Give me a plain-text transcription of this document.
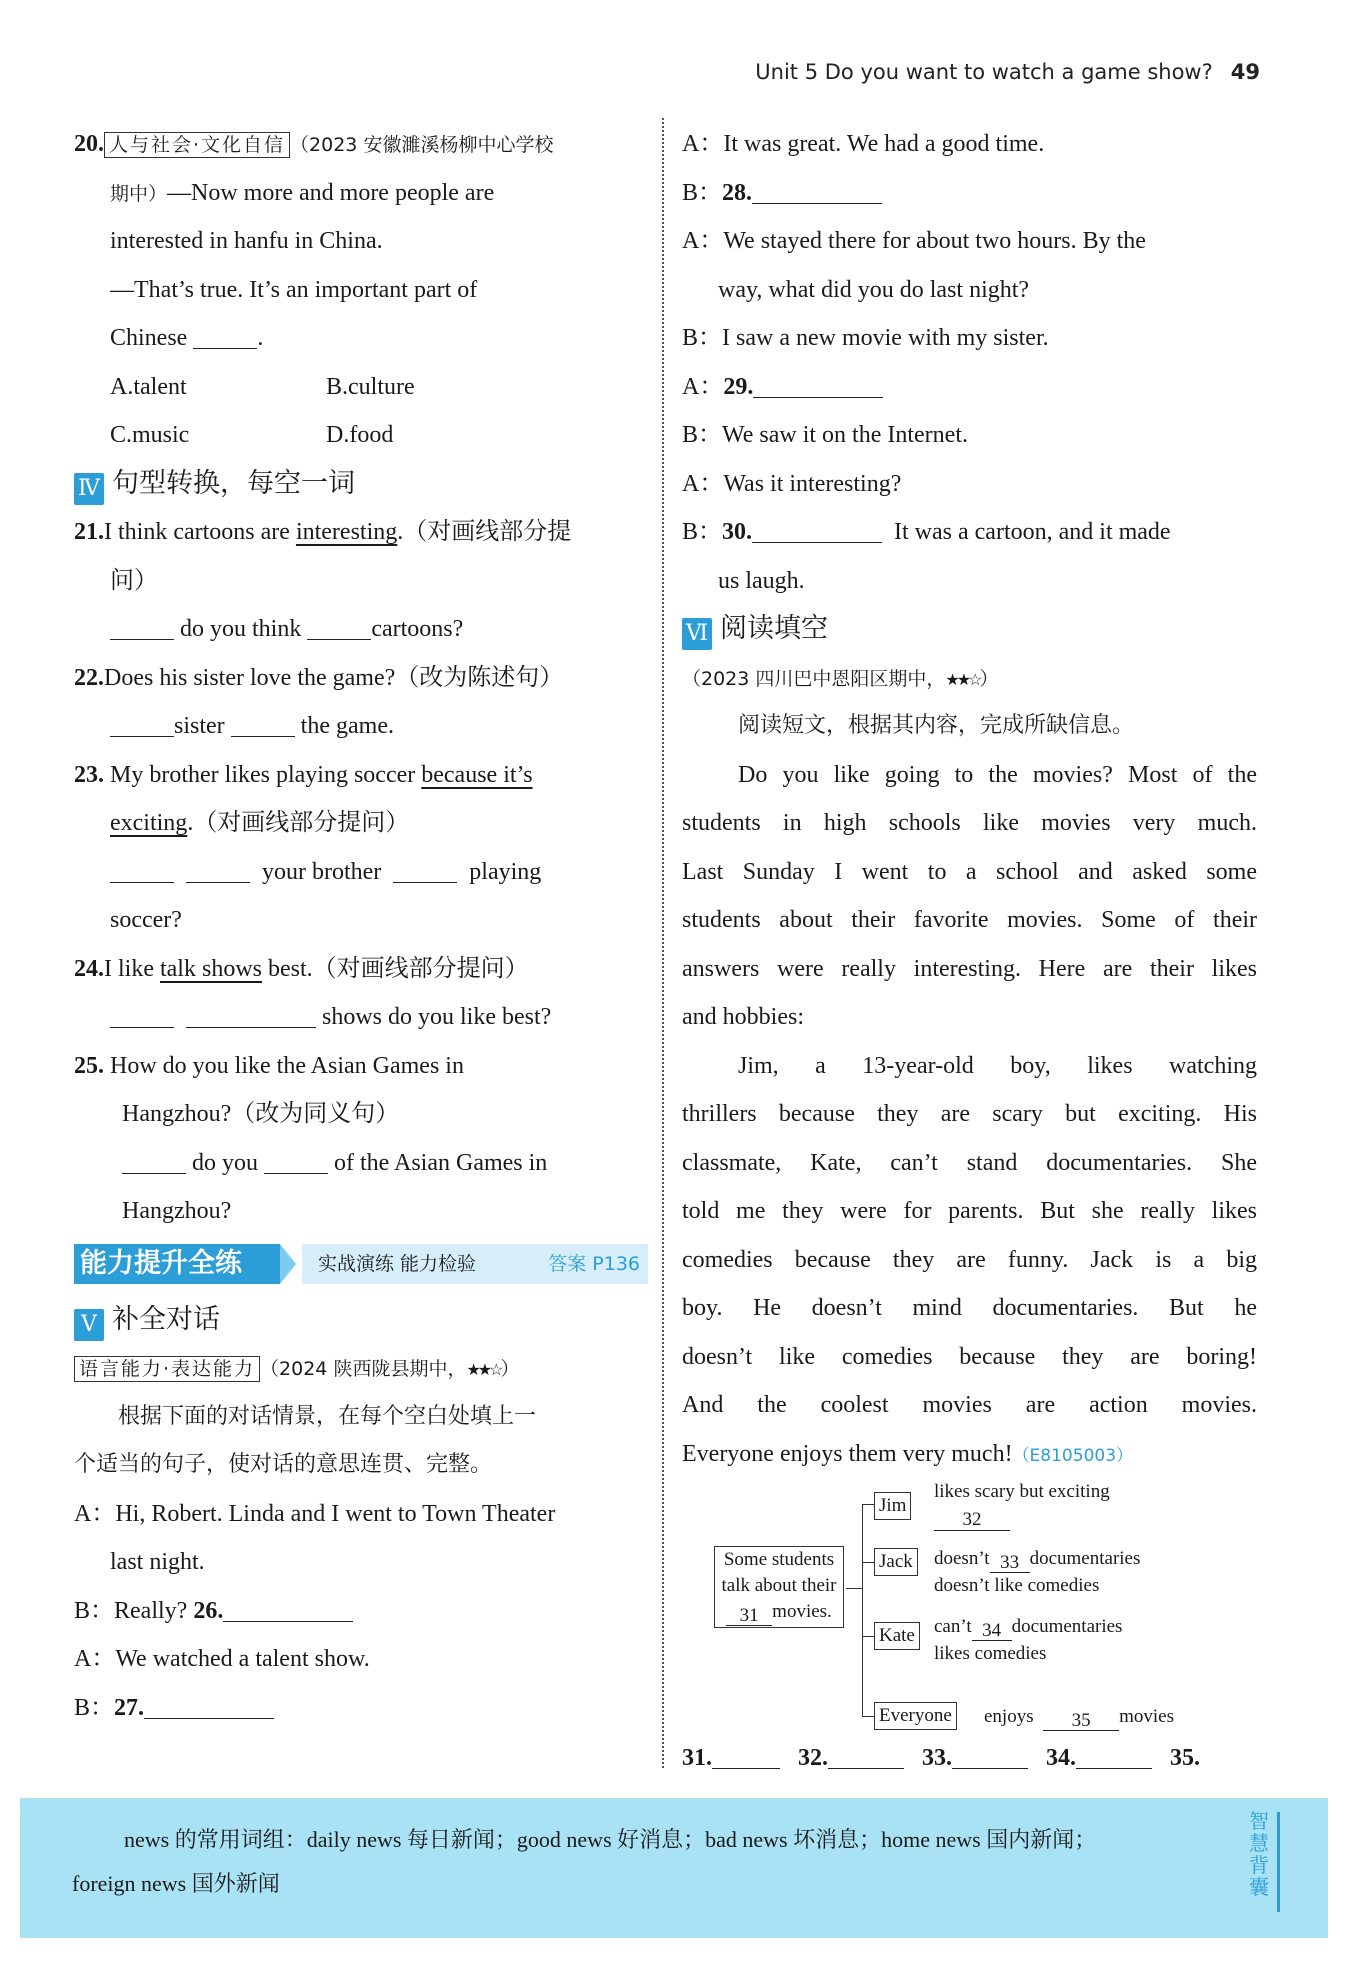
Unit 5 Do you want to watch a game show? 49
20. 人与社会·文化自信 （2023 安徽濉溪杨柳中心学校
期中）—Now more and more people are
interested in hanfu in China.
—That’s true. It’s an important part of
Chinese	.
A.talent	B.culture
C.music	D.food
Ⅳ 句型转换，每空一词
21.I think cartoons are interesting.（对画线部分提
问）
do you think	cartoons?
22.Does his sister love the game?（改为陈述句）
sister	the game.
23. My brother likes playing soccer because it’s
exciting.（对画线部分提问）
your brother	playing
soccer?
24.I like talk shows best.（对画线部分提问）
shows do you like best?
25. How do you like the Asian Games in
Hangzhou?（改为同义句）
do you	of the Asian Games in
Hangzhou?
能力提升全练	实战演练 能力检验	答案 P136
Ⅴ 补全对话
语言能力·表达能力 （2024 陕西陇县期中，★★☆）
根据下面的对话情景，在每个空白处填上一
个适当的句子，使对话的意思连贯、完整。
A：Hi, Robert. Linda and I went to Town Theater
last night.
B：Really? 26.
A：We watched a talent show.
B：27.
A：It was great. We had a good time.
B：28.
A：We stayed there for about two hours. By the
way, what did you do last night?
B：I saw a new movie with my sister.
A：29.
B：We saw it on the Internet.
A：Was it interesting?
B：30.	It was a cartoon, and it made
us laugh.
Ⅵ 阅读填空
（2023 四川巴中恩阳区期中，★★☆）
阅读短文，根据其内容，完成所缺信息。
Do you like going to the movies? Most of the
students in high schools like movies very much.
Last Sunday I went to a school and asked some
students about their favorite movies. Some of their
answers were really interesting. Here are their likes
and hobbies:
Jim, a 13-year-old boy, likes watching
thrillers because they are scary but exciting. His
classmate, Kate, can’t stand documentaries. She
told me they were for parents. But she really likes
comedies because they are funny. Jack is a big
boy. He doesn’t mind documentaries. But he
doesn’t like comedies because they are boring!
And the coolest movies are action movies.
Everyone enjoys them very much!（E8105003）
Some students
talk about their
31 movies.
Jim
likes scary but exciting
32
Jack doesn’t 33 documentaries
doesn’t like comedies
Kate can’t 34 documentaries
likes comedies
Everyone enjoys 35 movies
31.	32.	33.	34.	35.
news 的常用词组：daily news 每日新闻；good news 好消息；bad news 坏消息；home news 国内新闻；
foreign news 国外新闻
智慧背囊
